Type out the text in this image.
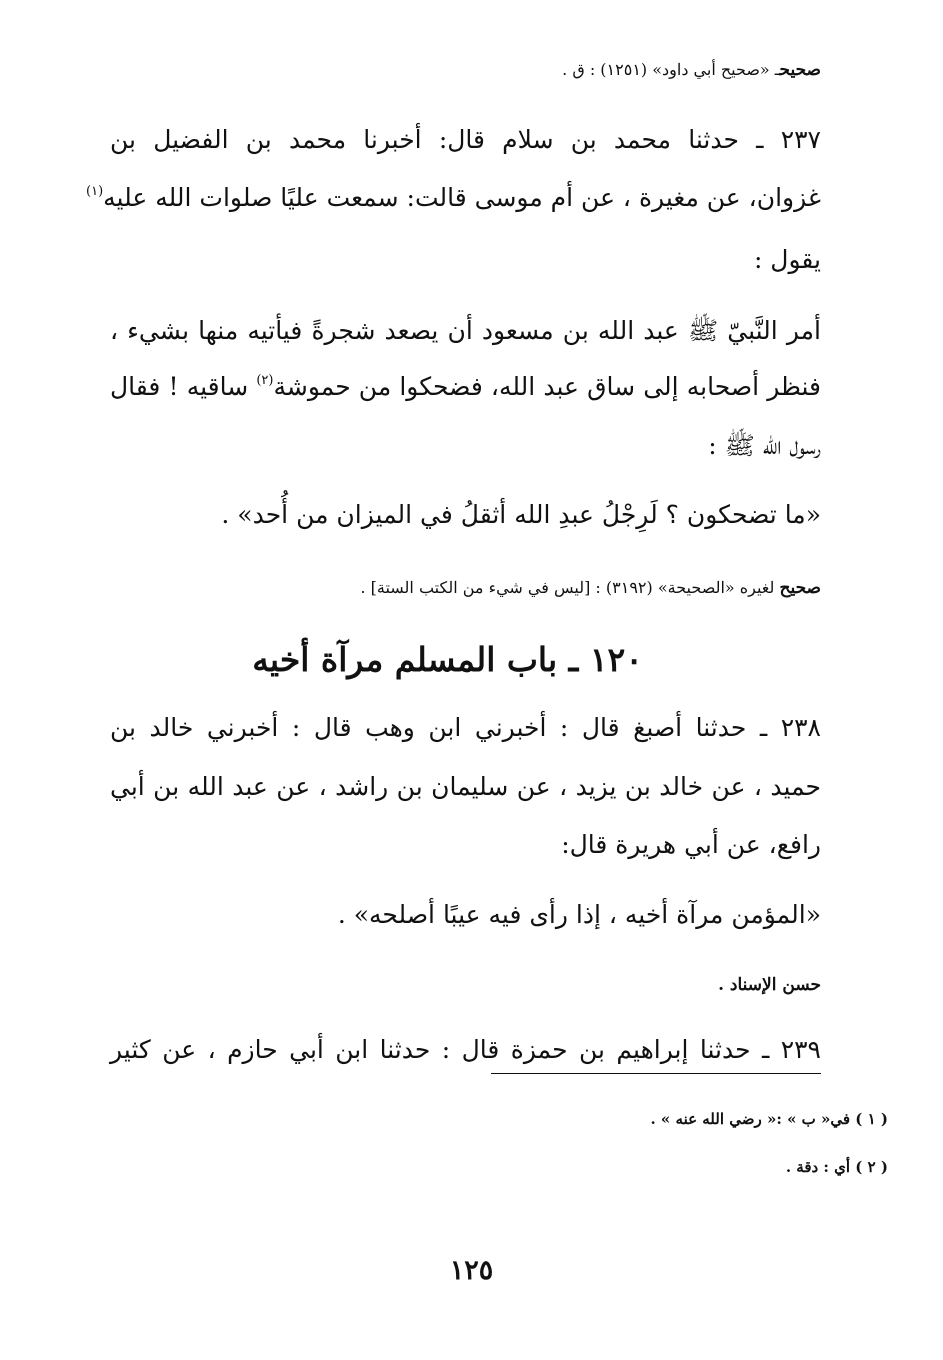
صحيحـ «صحيح أبي داود» (١٢٥١) : ق .
٢٣٧ ـ حدثنا محمد بن سلام قال: أخبرنا محمد بن الفضيل بن
غزوان، عن مغيرة ، عن أم موسى قالت: سمعت عليًا صلوات الله عليه$^{(١)}$
يقول :
أمر النَّبيّ ﷺ عبد الله بن مسعود أن يصعد شجرةً فيأتيه منها بشيء ،
فنظر أصحابه إلى ساق عبد الله، فضحكوا من حموشة$^{(٢)}$ ساقيه ! فقال
رسول الله ﷺ :
«ما تضحكون ؟ لَرِجْلُ عبدِ الله أثقلُ في الميزان من أُحد» .
صحيح لغيره «الصحيحة» (٣١٩٢) : [ليس في شيء من الكتب الستة] .
١٢٠ ـ باب المسلم مرآة أخيه
٢٣٨ ـ حدثنا أصبغ قال : أخبرني ابن وهب قال : أخبرني خالد بن
حميد ، عن خالد بن يزيد ، عن سليمان بن راشد ، عن عبد الله بن أبي
رافع، عن أبي هريرة قال:
«المؤمن مرآة أخيه ، إذا رأى فيه عيبًا أصلحه» .
حسن الإسناد .
٢٣٩ ـ حدثنا إبراهيم بن حمزة قال : حدثنا ابن أبي حازم ، عن كثير
( ١ ) في« ب » :« رضي الله عنه » .
( ٢ ) أي : دقة .
١٢٥
